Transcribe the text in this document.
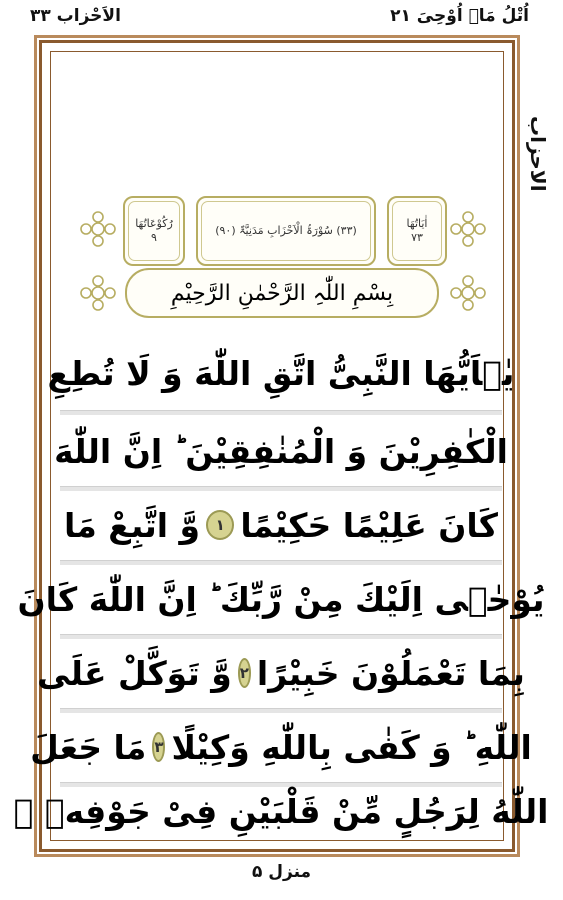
اُتْلُ مَاۤ اُوْحِیَ ۲۱
الاَحْزاب ۳۳
الاحزاب
اٰیَاتُھَا
۷۳
(۳۳) سُوْرَۃُ الْاَحْزَابِ مَدَنِیَّۃٌ (۹۰)
رُکُوْعَاتُھَا
۹
بِسْمِ اللّٰہِ الرَّحْمٰنِ الرَّحِیْمِ
یٰۤاَیُّهَا النَّبِیُّ اتَّقِ اللّٰهَ وَ لَا تُطِعِ
الْكٰفِرِیْنَ وَ الْمُنٰفِقِیْنَ ؕ اِنَّ اللّٰهَ
كَانَ عَلِیْمًا حَكِیْمًا
۱
وَّ اتَّبِعْ مَا
یُوْحٰۤى اِلَیْكَ مِنْ رَّبِّكَ ؕ اِنَّ اللّٰهَ كَانَ
بِمَا تَعْمَلُوْنَ خَبِیْرًا
۲
وَّ تَوَكَّلْ عَلَى
اللّٰهِ ؕ وَ كَفٰى بِاللّٰهِ وَكِیْلًا
۳
مَا جَعَلَ
اللّٰهُ لِرَجُلٍ مِّنْ قَلْبَیْنِ فِیْ جَوْفِهٖ ۚ
منزل ۵
